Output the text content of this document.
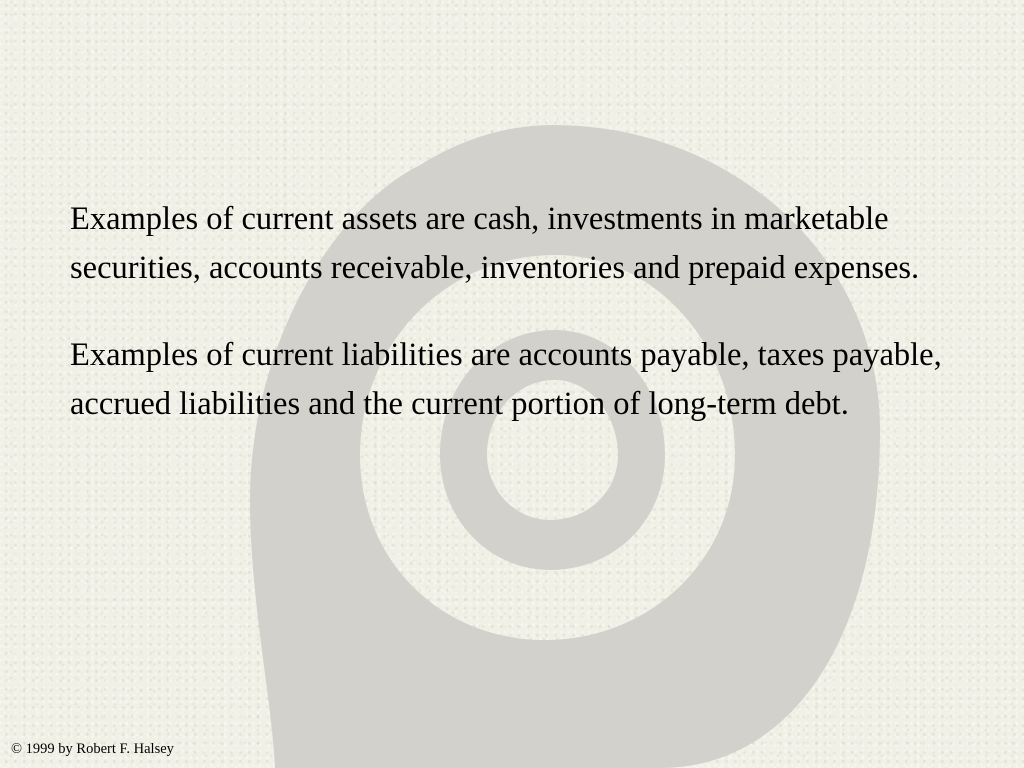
Examples of current assets are cash, investments in marketable securities, accounts receivable, inventories and prepaid expenses.

Examples of current liabilities are accounts payable, taxes payable, accrued liabilities and the current portion of long-term debt.

© 1999 by Robert F. Halsey
